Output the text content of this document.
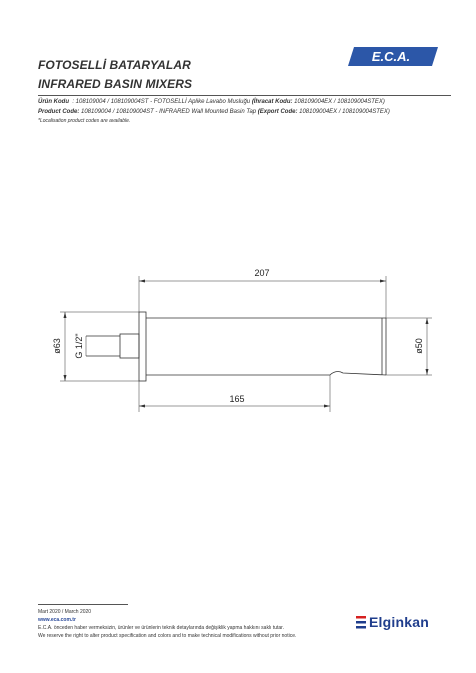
FOTOSELLİ BATARYALAR
INFRARED BASIN MIXERS
E.C.A.
Ürün Kodu : 108109004 / 108109004ST - FOTOSELLİ Aplike Lavabo Musluğu (İhracat Kodu: 108109004EX / 108109004STEX)
Product Code: 108109004 / 108109004ST - INFRARED Wall Mounted Basin Tap (Export Code: 108109004EX / 108109004STEX)
*Localisation product codes are available.
207
165
ø63 G 1/2"	ø50
Mart 2020 / March 2020
www.eca.com.tr
E.C.A. önceden haber vermeksizin, ürünler ve ürünlerin teknik detaylarında değişiklik yapma hakkını saklı tutar.
We reserve the right to alter product specification and colors and to make technical modifications without prior notice.
Elginkan
